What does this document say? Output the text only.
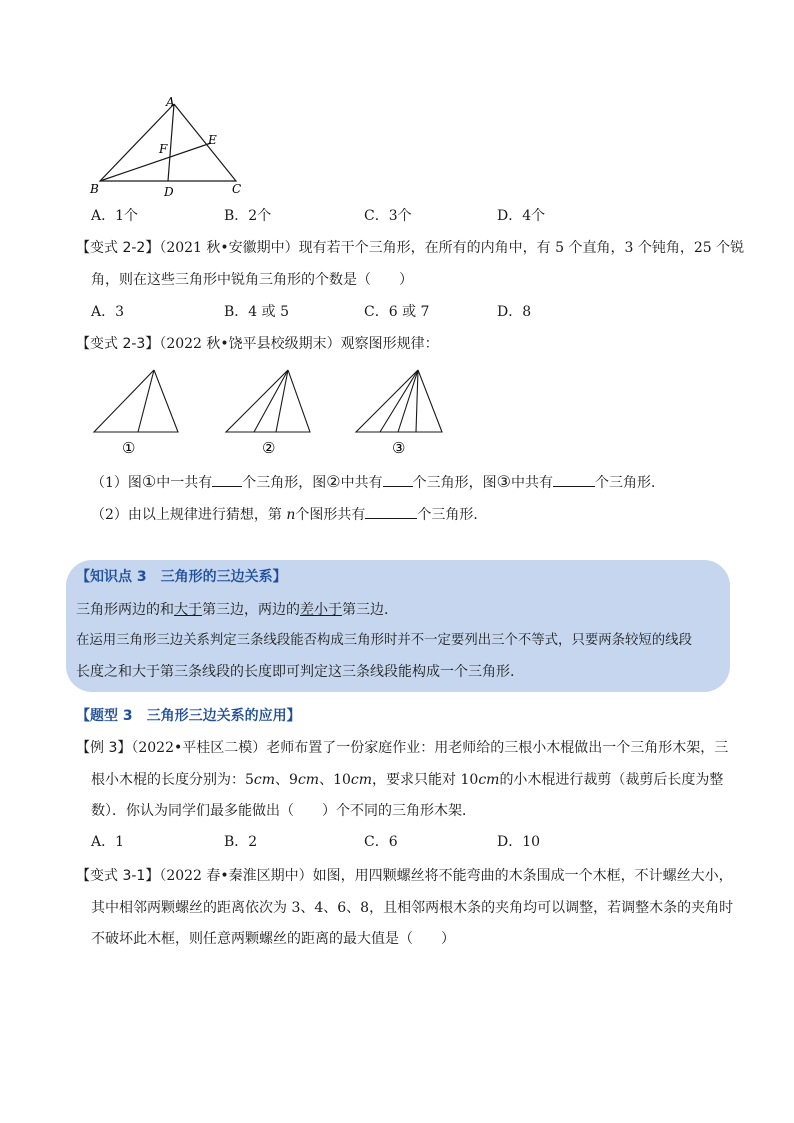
A
B	C
D
E
F
A．1个	B．2个	C．3个	D．4个
【变式 2-2】（2021 秋•安徽期中）现有若干个三角形，在所有的内角中，有 5 个直角，3 个钝角，25 个锐
角，则在这些三角形中锐角三角形的个数是（　　）
A．3	B．4 或 5	C．6 或 7	D．8
【变式 2-3】（2022 秋•饶平县校级期末）观察图形规律：
①	②	③
（1）图①中一共有 个三角形，图②中共有 个三角形，图③中共有	个三角形．
（2）由以上规律进行猜想，第 n个图形共有	个三角形．
【知识点 3　三角形的三边关系】
三角形两边的和大于第三边，两边的差小于第三边.
在运用三角形三边关系判定三条线段能否构成三角形时并不一定要列出三个不等式，只要两条较短的线段
长度之和大于第三条线段的长度即可判定这三条线段能构成一个三角形.
【题型 3　三角形三边关系的应用】
【例 3】（2022•平桂区二模）老师布置了一份家庭作业：用老师给的三根小木棍做出一个三角形木架，三
根小木棍的长度分别为：5cm、9cm、10cm，要求只能对 10cm的小木棍进行裁剪（裁剪后长度为整
数）．你认为同学们最多能做出（　　）个不同的三角形木架．
A．1	B．2	C．6	D．10
【变式 3-1】（2022 春•秦淮区期中）如图，用四颗螺丝将不能弯曲的木条围成一个木框，不计螺丝大小，
其中相邻两颗螺丝的距离依次为 3、4、6、8，且相邻两根木条的夹角均可以调整，若调整木条的夹角时
不破坏此木框，则任意两颗螺丝的距离的最大值是（　　）
